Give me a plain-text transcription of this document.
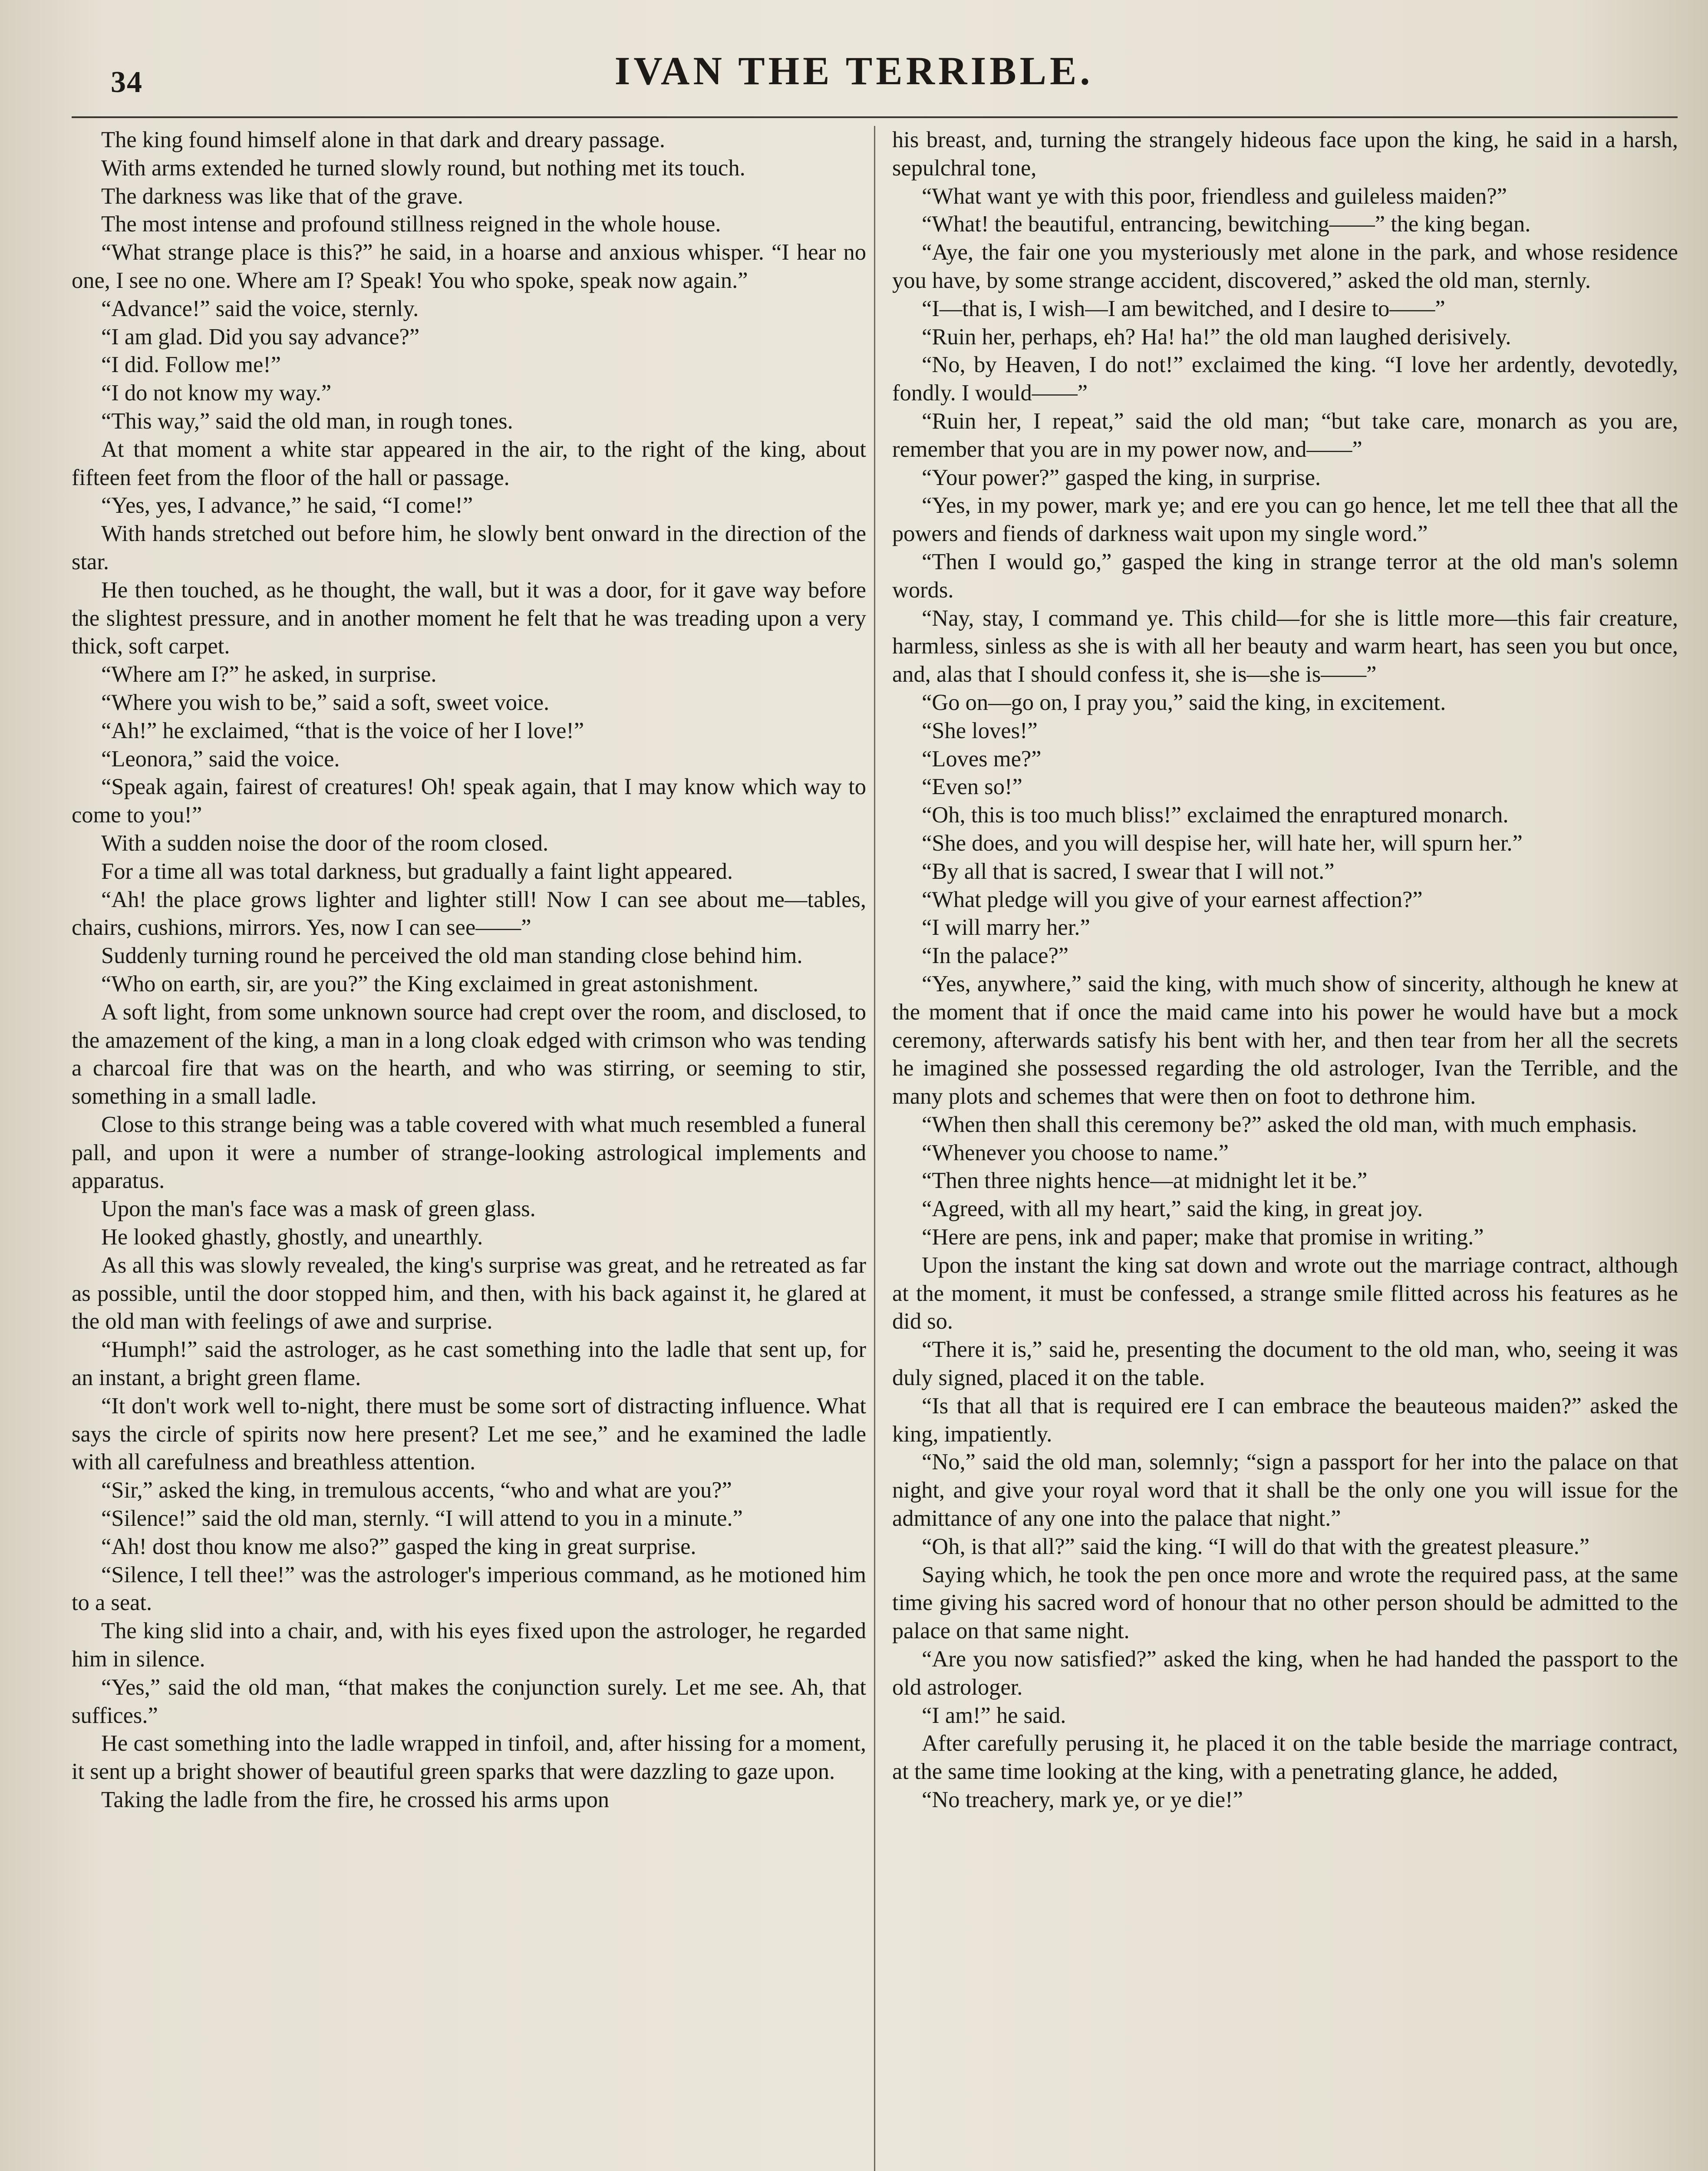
34	IVAN THE TERRIBLE.

The king found himself alone in that dark and dreary passage.

With arms extended he turned slowly round, but nothing met its touch.

The darkness was like that of the grave.

The most intense and profound stillness reigned in the whole house.

“What strange place is this?” he said, in a hoarse and anxious whisper. “I hear no one, I see no one. Where am I? Speak! You who spoke, speak now again.”

“Advance!” said the voice, sternly.

“I am glad. Did you say advance?”

“I did. Follow me!”

“I do not know my way.”

“This way,” said the old man, in rough tones.

At that moment a white star appeared in the air, to the right of the king, about fifteen feet from the floor of the hall or passage.

“Yes, yes, I advance,” he said, “I come!”

With hands stretched out before him, he slowly bent onward in the direction of the star.

He then touched, as he thought, the wall, but it was a door, for it gave way before the slightest pressure, and in another moment he felt that he was treading upon a very thick, soft carpet.

“Where am I?” he asked, in surprise.

“Where you wish to be,” said a soft, sweet voice.

“Ah!” he exclaimed, “that is the voice of her I love!”

“Leonora,” said the voice.

“Speak again, fairest of creatures! Oh! speak again, that I may know which way to come to you!”

With a sudden noise the door of the room closed.

For a time all was total darkness, but gradually a faint light appeared.

“Ah! the place grows lighter and lighter still! Now I can see about me—tables, chairs, cushions, mirrors. Yes, now I can see——”

Suddenly turning round he perceived the old man standing close behind him.

“Who on earth, sir, are you?” the King exclaimed in great astonishment.

A soft light, from some unknown source had crept over the room, and disclosed, to the amazement of the king, a man in a long cloak edged with crimson who was tending a charcoal fire that was on the hearth, and who was stirring, or seeming to stir, something in a small ladle.

Close to this strange being was a table covered with what much resembled a funeral pall, and upon it were a number of strange-looking astrological implements and apparatus.

Upon the man's face was a mask of green glass.

He looked ghastly, ghostly, and unearthly.

As all this was slowly revealed, the king's surprise was great, and he retreated as far as possible, until the door stopped him, and then, with his back against it, he glared at the old man with feelings of awe and surprise.

“Humph!” said the astrologer, as he cast something into the ladle that sent up, for an instant, a bright green flame.

“It don't work well to-night, there must be some sort of distracting influence. What says the circle of spirits now here present? Let me see,” and he examined the ladle with all carefulness and breathless attention.

“Sir,” asked the king, in tremulous accents, “who and what are you?”

“Silence!” said the old man, sternly. “I will attend to you in a minute.”

“Ah! dost thou know me also?” gasped the king in great surprise.

“Silence, I tell thee!” was the astrologer's imperious command, as he motioned him to a seat.

The king slid into a chair, and, with his eyes fixed upon the astrologer, he regarded him in silence.

“Yes,” said the old man, “that makes the conjunction surely. Let me see. Ah, that suffices.”

He cast something into the ladle wrapped in tinfoil, and, after hissing for a moment, it sent up a bright shower of beautiful green sparks that were dazzling to gaze upon.

Taking the ladle from the fire, he crossed his arms upon

his breast, and, turning the strangely hideous face upon the king, he said in a harsh, sepulchral tone,

“What want ye with this poor, friendless and guileless maiden?”

“What! the beautiful, entrancing, bewitching——” the king began.

“Aye, the fair one you mysteriously met alone in the park, and whose residence you have, by some strange accident, discovered,” asked the old man, sternly.

“I—that is, I wish—I am bewitched, and I desire to——”

“Ruin her, perhaps, eh? Ha! ha!” the old man laughed derisively.

“No, by Heaven, I do not!” exclaimed the king. “I love her ardently, devotedly, fondly. I would——”

“Ruin her, I repeat,” said the old man; “but take care, monarch as you are, remember that you are in my power now, and——”

“Your power?” gasped the king, in surprise.

“Yes, in my power, mark ye; and ere you can go hence, let me tell thee that all the powers and fiends of darkness wait upon my single word.”

“Then I would go,” gasped the king in strange terror at the old man's solemn words.

“Nay, stay, I command ye. This child—for she is little more—this fair creature, harmless, sinless as she is with all her beauty and warm heart, has seen you but once, and, alas that I should confess it, she is—she is——”

“Go on—go on, I pray you,” said the king, in excitement.

“She loves!”

“Loves me?”

“Even so!”

“Oh, this is too much bliss!” exclaimed the enraptured monarch.

“She does, and you will despise her, will hate her, will spurn her.”

“By all that is sacred, I swear that I will not.”

“What pledge will you give of your earnest affection?”

“I will marry her.”

“In the palace?”

“Yes, anywhere,” said the king, with much show of sincerity, although he knew at the moment that if once the maid came into his power he would have but a mock ceremony, afterwards satisfy his bent with her, and then tear from her all the secrets he imagined she possessed regarding the old astrologer, Ivan the Terrible, and the many plots and schemes that were then on foot to dethrone him.

“When then shall this ceremony be?” asked the old man, with much emphasis.

“Whenever you choose to name.”

“Then three nights hence—at midnight let it be.”

“Agreed, with all my heart,” said the king, in great joy.

“Here are pens, ink and paper; make that promise in writing.”

Upon the instant the king sat down and wrote out the marriage contract, although at the moment, it must be confessed, a strange smile flitted across his features as he did so.

“There it is,” said he, presenting the document to the old man, who, seeing it was duly signed, placed it on the table.

“Is that all that is required ere I can embrace the beauteous maiden?” asked the king, impatiently.

“No,” said the old man, solemnly; “sign a passport for her into the palace on that night, and give your royal word that it shall be the only one you will issue for the admittance of any one into the palace that night.”

“Oh, is that all?” said the king. “I will do that with the greatest pleasure.”

Saying which, he took the pen once more and wrote the required pass, at the same time giving his sacred word of honour that no other person should be admitted to the palace on that same night.

“Are you now satisfied?” asked the king, when he had handed the passport to the old astrologer.

“I am!” he said.

After carefully perusing it, he placed it on the table beside the marriage contract, at the same time looking at the king, with a penetrating glance, he added,

“No treachery, mark ye, or ye die!”
